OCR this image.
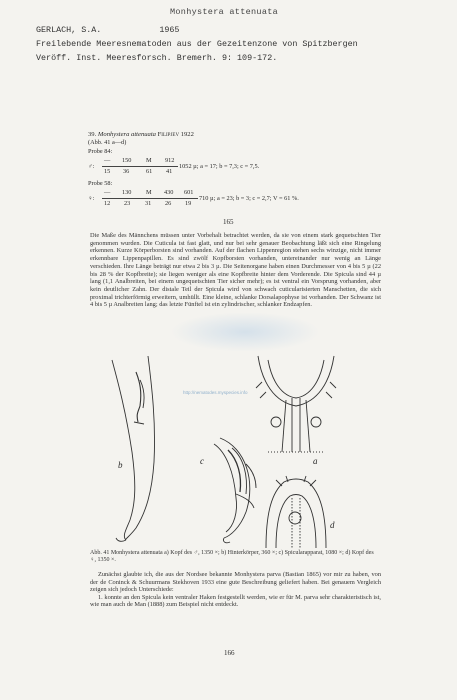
Monhystera attenuata
GERLACH, S.A.	1965
Freilebende Meeresnematoden aus der Gezeitenzone von Spitzbergen
Veröff. Inst. Meeresforsch. Bremerh. 9: 109-172.
39. Monhystera attenuata Filipjev 1922
(Abb. 41 a—d)
Probe 84:
♂:
— 150 M 912
15 36	61 41
1052 µ; a = 17; b = 7,3; c = 7,5.
Probe 58:
♀:
— 130 M 430 601
12 23 31 26 19
710 µ; a = 23; b = 3; c = 2,7; V = 61 %.
165

Die Maße des Männchens müssen unter Vorbehalt betrachtet werden, da sie von einem stark gequetschten Tier genommen wurden. Die Cuticula ist fast glatt, und nur bei sehr genauer Beobachtung läßt sich eine Ringelung erkennen. Kurze Körperborsten sind vorhanden. Auf der flachen Lippenregion stehen sechs winzige, nicht immer erkennbare Lippenpapillen. Es sind zwölf Kopfborsten vorhanden, untereinander nur wenig an Länge verschieden. Ihre Länge beträgt nur etwa 2 bis 3 µ. Die Seitenorgane haben einen Durchmesser von 4 bis 5 µ (22 bis 28 % der Kopfbreite); sie liegen weniger als eine Kopfbreite hinter dem Vorderende. Die Spicula sind 44 µ lang (1,1 Analbreiten, bei einem ungequetschten Tier sicher mehr); es ist ventral ein Vorsprung vorhanden, aber kein deutlicher Zahn. Der distale Teil der Spicula wird von schwach cuticularisierten Manschetten, die sich proximal trichterförmig erweitern, umhüllt. Eine kleine, schlanke Dorsalapophyse ist vorhanden. Der Schwanz ist 4 bis 5 µ Analbreiten lang; das letzte Fünftel ist ein zylindrischer, schlanker Endzapfen.

b	c	a
d
http://nematodes.myspecies.info
Abb. 41 Monhystera attenuata a) Kopf des ♂, 1350 ×; b) Hinterkörper, 360 ×; c) Spicularapparat, 1080 ×; d) Kopf des ♀, 1350 ×.

Zunächst glaubte ich, die aus der Nordsee bekannte Monhystera parva (Bastian 1865) vor mir zu haben, von der de Coninck & Schuurmans Stekhoven 1933 eine gute Beschreibung geliefert haben. Bei genauem Vergleich zeigen sich jedoch Unterschiede:

1. konnte an den Spicula kein ventraler Haken festgestellt werden, wie er für M. parva sehr charakteristisch ist, wie man auch de Man (1888) zum Beispiel nicht entdeckt.

166
